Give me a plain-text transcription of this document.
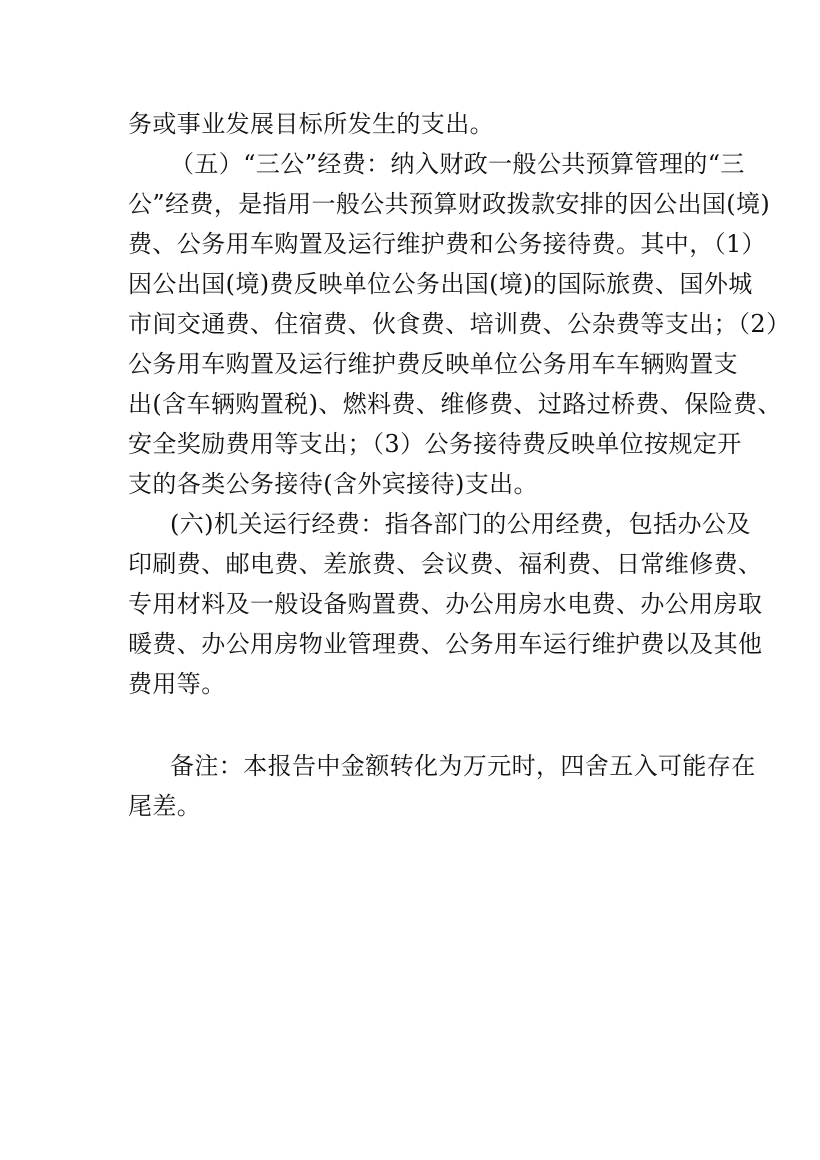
务或事业发展目标所发生的支出。
（五）“三公”经费：纳入财政一般公共预算管理的“三
公”经费，是指用一般公共预算财政拨款安排的因公出国(境)
费、公务用车购置及运行维护费和公务接待费。其中，（1）
因公出国(境)费反映单位公务出国(境)的国际旅费、国外城
市间交通费、住宿费、伙食费、培训费、公杂费等支出；（2）
公务用车购置及运行维护费反映单位公务用车车辆购置支
出(含车辆购置税)、燃料费、维修费、过路过桥费、保险费、
安全奖励费用等支出；（3）公务接待费反映单位按规定开
支的各类公务接待(含外宾接待)支出。
(六)机关运行经费：指各部门的公用经费，包括办公及
印刷费、邮电费、差旅费、会议费、福利费、日常维修费、
专用材料及一般设备购置费、办公用房水电费、办公用房取
暖费、办公用房物业管理费、公务用车运行维护费以及其他
费用等。
备注：本报告中金额转化为万元时，四舍五入可能存在
尾差。
